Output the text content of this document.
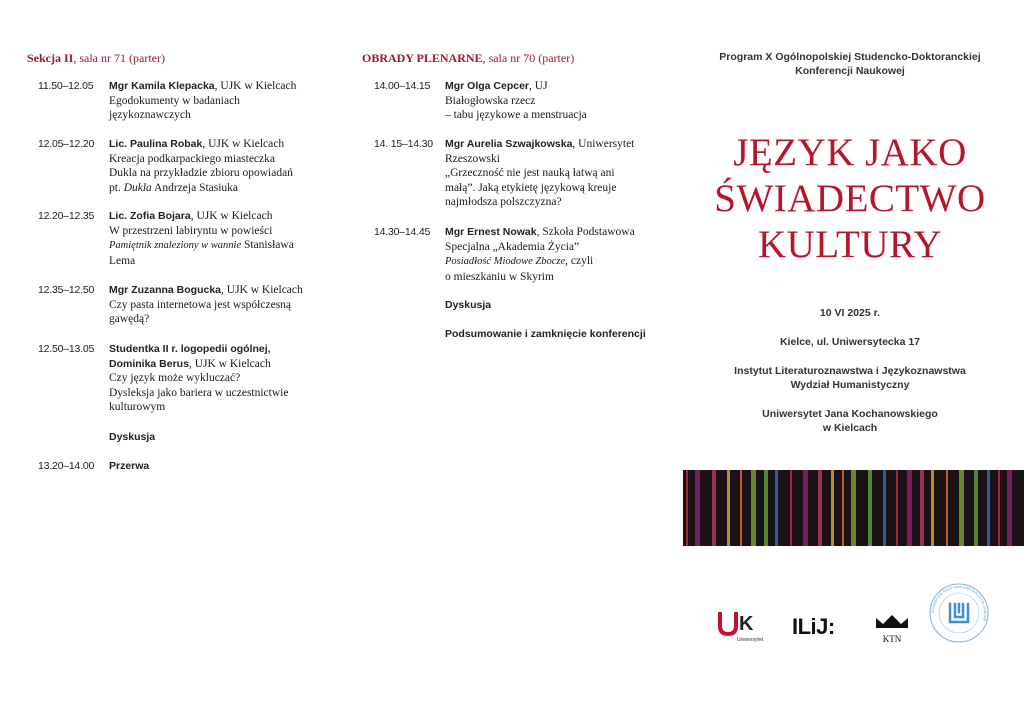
Sekcja II, sala nr 71 (parter)
11.50–12.05 Mgr Kamila Klepacka, UJK w Kielcach
Egodokumenty w badaniach
językoznawczych
12.05–12.20 Lic. Paulina Robak, UJK w Kielcach
Kreacja podkarpackiego miasteczka
Dukla na przykładzie zbioru opowiadań
pt. Dukla Andrzeja Stasiuka
12.20–12.35 Lic. Zofia Bojara, UJK w Kielcach
W przestrzeni labiryntu w powieści
Pamiętnik znaleziony w wannie Stanisława
Lema
12.35–12.50 Mgr Zuzanna Bogucka, UJK w Kielcach
Czy pasta internetowa jest współczesną
gawędą?
12.50–13.05 Studentka II r. logopedii ogólnej,
Dominika Berus, UJK w Kielcach
Czy język może wykluczać?
Dysleksja jako bariera w uczestnictwie
kulturowym
Dyskusja
13.20–14.00 Przerwa
OBRADY PLENARNE, sala nr 70 (parter)
14.00–14.15 Mgr Olga Cepcer, UJ
Białogłowska rzecz
– tabu językowe a menstruacja
14. 15–14.30 Mgr Aurelia Szwajkowska, Uniwersytet
Rzeszowski
„Grzeczność nie jest nauką łatwą ani
małą”. Jaką etykietę językową kreuje
najmłodsza polszczyzna?
14.30–14.45 Mgr Ernest Nowak, Szkoła Podstawowa
Specjalna „Akademia Życia”
Posiadłość Miodowe Zbocze, czyli
o mieszkaniu w Skyrim
Dyskusja
Podsumowanie i zamknięcie konferencji
Program X Ogólnopolskiej Studencko-Doktoranckiej
Konferencji Naukowej
JĘZYK JAKO
ŚWIADECTWO
KULTURY
10 VI 2025 r.
Kielce, ul. Uniwersytecka 17
Instytut Literaturoznawstwa i Językoznawstwa
Wydział Humanistyczny
Uniwersytet Jana Kochanowskiego
w Kielcach
K
Uniwersytet
ILiJ:	KTN
STUDENCKIE KOŁO NAUKOWE DIALEKTOLOGICZNE
